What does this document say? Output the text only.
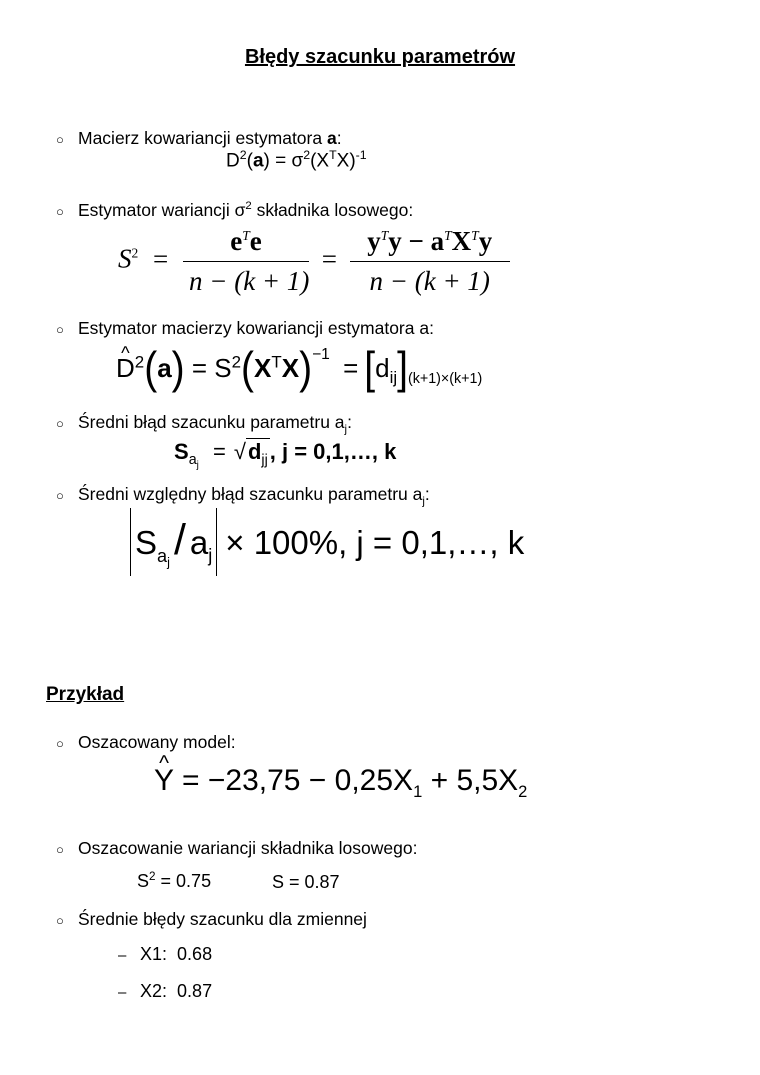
Błędy szacunku parametrów
○ Macierz kowariancji estymatora a:
$D^2(a) = \sigma^2(X^TX)^{-1}$
○ Estymator wariancji $\sigma^2$ składnika losowego:
$S^2 = \frac{e^Te}{n - (k + 1)} = \frac{y^Ty - a^TX^Ty}{n - (k + 1)}$
○ Estymator macierzy kowariancji estymatora a:
^ $D^2(a) = S^2(X^TX)^{-1} = [d_{ij}]_{(k+1)\times(k+1)}$
○ Średni błąd szacunku parametru $a_j$:
$S_{a_j} = √d_{jj}$, j = 0,1,…, k
○ Średni względny błąd szacunku parametru $a_j$:
$S_{a_j}/$ $a_j \times 100\%$, j = 0,1,…, k
Przykład
○ Oszacowany model:
^ $Y = -23,75 - 0,25X_1 + 5,5X_2$
○ Oszacowanie wariancji składnika losowego:
$S^2 = 0.75$	S = 0.87
○ Średnie błędy szacunku dla zmiennej
– X1: 0.68
– X2: 0.87
